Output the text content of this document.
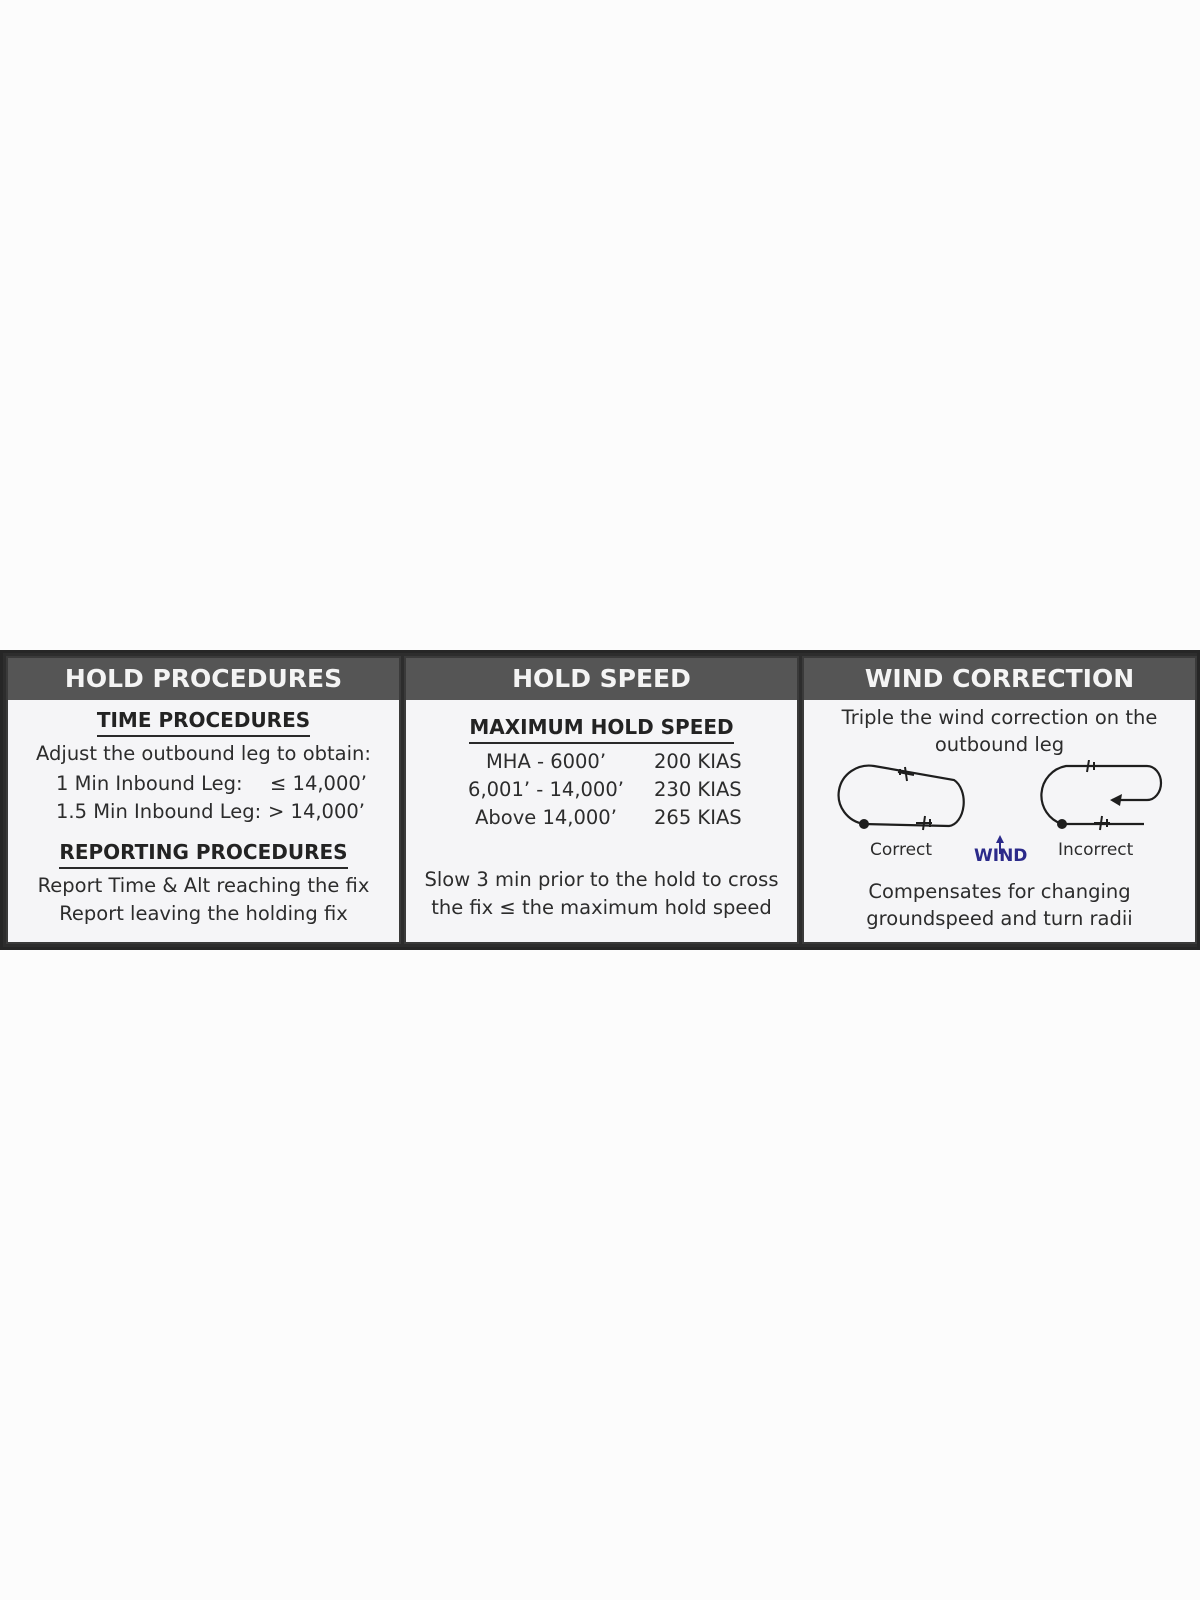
HOLD PROCEDURES
TIME PROCEDURES
Adjust the outbound leg to obtain:
1 Min Inbound Leg: ≤ 14,000’
1.5 Min Inbound Leg: > 14,000’
REPORTING PROCEDURES
Report Time & Alt reaching the fix
Report leaving the holding fix
HOLD SPEED
MAXIMUM HOLD SPEED
MHA - 6000’	200 KIAS
6,001’ - 14,000’	230 KIAS
Above 14,000’	265 KIAS
Slow 3 min prior to the hold to cross
the fix ≤ the maximum hold speed
WIND CORRECTION
Triple the wind correction on the
outbound leg
Correct WIND Incorrect
Compensates for changing
groundspeed and turn radii
